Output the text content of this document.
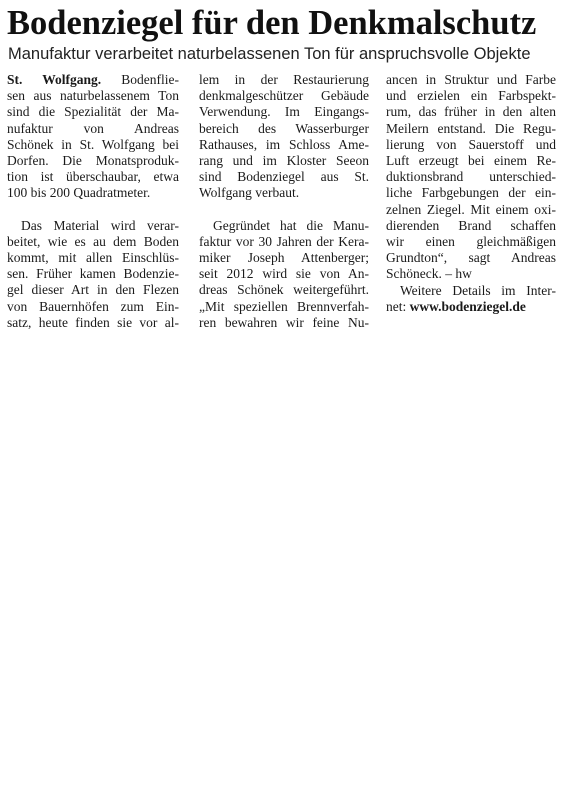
Bodenziegel für den Denkmalschutz
Manufaktur verarbeitet naturbelassenen Ton für anspruchsvolle Objekte
St. Wolfgang. Bodenflie-
sen aus naturbelassenem Ton
sind die Spezialität der Ma-
nufaktur von Andreas
Schönek in St. Wolfgang bei
Dorfen. Die Monatsproduk-
tion ist überschaubar, etwa
100 bis 200 Quadratmeter.
Das Material wird verar-
beitet, wie es au dem Boden
kommt, mit allen Einschlüs-
sen. Früher kamen Bodenzie-
gel dieser Art in den Flezen
von Bauernhöfen zum Ein-
satz, heute finden sie vor al-
lem in der Restaurierung
denkmalgeschützer Gebäude
Verwendung. Im Eingangs-
bereich des Wasserburger
Rathauses, im Schloss Ame-
rang und im Kloster Seeon
sind Bodenziegel aus St.
Wolfgang verbaut.
Gegründet hat die Manu-
faktur vor 30 Jahren der Kera-
miker Joseph Attenberger;
seit 2012 wird sie von An-
dreas Schönek weitergeführt.
„Mit speziellen Brennverfah-
ren bewahren wir feine Nu-
ancen in Struktur und Farbe
und erzielen ein Farbspekt-
rum, das früher in den alten
Meilern entstand. Die Regu-
lierung von Sauerstoff und
Luft erzeugt bei einem Re-
duktionsbrand unterschied-
liche Farbgebungen der ein-
zelnen Ziegel. Mit einem oxi-
dierenden Brand schaffen
wir einen gleichmäßigen
Grundton“, sagt Andreas
Schöneck. – hw
Weitere Details im Inter-
net: www.bodenziegel.de
